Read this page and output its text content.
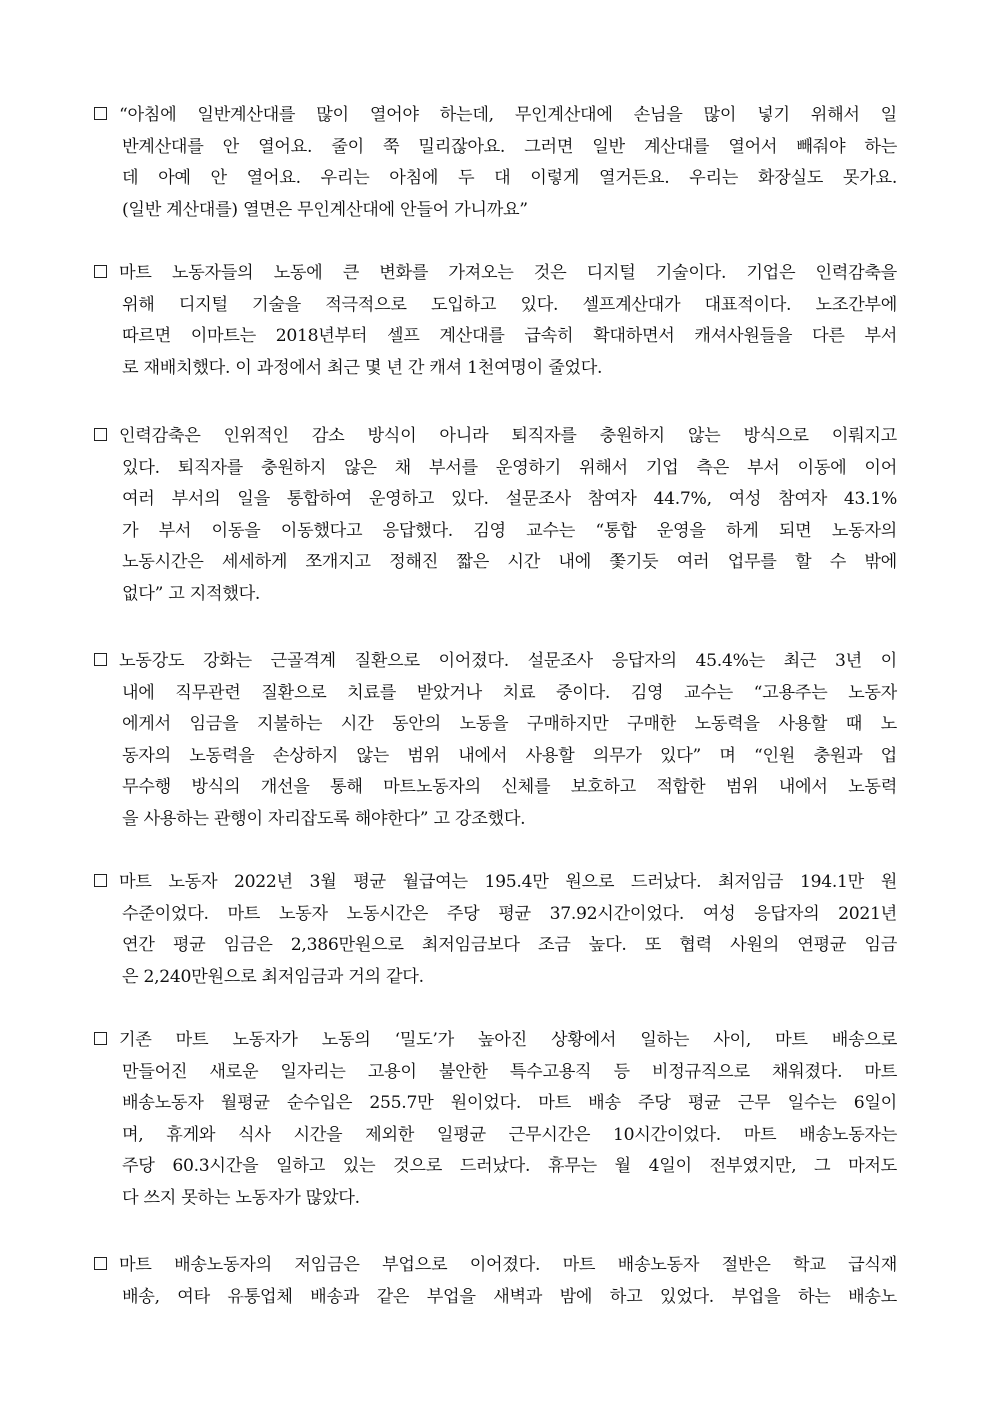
“아침에 일반계산대를 많이 열어야 하는데, 무인계산대에 손님을 많이 넣기 위해서 일
반계산대를 안 열어요. 줄이 쭉 밀리잖아요. 그러면 일반 계산대를 열어서 빼줘야 하는
데 아예 안 열어요. 우리는 아침에 두 대 이렇게 열거든요. 우리는 화장실도 못가요.
(일반 계산대를) 열면은 무인계산대에 안들어 가니까요”
마트 노동자들의 노동에 큰 변화를 가져오는 것은 디지털 기술이다. 기업은 인력감축을
위해 디지털 기술을 적극적으로 도입하고 있다. 셀프계산대가 대표적이다. 노조간부에
따르면 이마트는 2018년부터 셀프 계산대를 급속히 확대하면서 캐셔사원들을 다른 부서
로 재배치했다. 이 과정에서 최근 몇 년 간 캐셔 1천여명이 줄었다.
인력감축은 인위적인 감소 방식이 아니라 퇴직자를 충원하지 않는 방식으로 이뤄지고
있다. 퇴직자를 충원하지 않은 채 부서를 운영하기 위해서 기업 측은 부서 이동에 이어
여러 부서의 일을 통합하여 운영하고 있다. 설문조사 참여자 44.7%, 여성 참여자 43.1%
가 부서 이동을 이동했다고 응답했다. 김영 교수는 “통합 운영을 하게 되면 노동자의
노동시간은 세세하게 쪼개지고 정해진 짧은 시간 내에 쫓기듯 여러 업무를 할 수 밖에
없다” 고 지적했다.
노동강도 강화는 근골격계 질환으로 이어졌다. 설문조사 응답자의 45.4%는 최근 3년 이
내에 직무관련 질환으로 치료를 받았거나 치료 중이다. 김영 교수는 “고용주는 노동자
에게서 임금을 지불하는 시간 동안의 노동을 구매하지만 구매한 노동력을 사용할 때 노
동자의 노동력을 손상하지 않는 범위 내에서 사용할 의무가 있다” 며 “인원 충원과 업
무수행 방식의 개선을 통해 마트노동자의 신체를 보호하고 적합한 범위 내에서 노동력
을 사용하는 관행이 자리잡도록 해야한다” 고 강조했다.
마트 노동자 2022년 3월 평균 월급여는 195.4만 원으로 드러났다. 최저임금 194.1만 원
수준이었다. 마트 노동자 노동시간은 주당 평균 37.92시간이었다. 여성 응답자의 2021년
연간 평균 임금은 2,386만원으로 최저임금보다 조금 높다. 또 협력 사원의 연평균 임금
은 2,240만원으로 최저임금과 거의 같다.
기존 마트 노동자가 노동의 ‘밀도’가 높아진 상황에서 일하는 사이, 마트 배송으로
만들어진 새로운 일자리는 고용이 불안한 특수고용직 등 비정규직으로 채워졌다. 마트
배송노동자 월평균 순수입은 255.7만 원이었다. 마트 배송 주당 평균 근무 일수는 6일이
며, 휴게와 식사 시간을 제외한 일평균 근무시간은 10시간이었다. 마트 배송노동자는
주당 60.3시간을 일하고 있는 것으로 드러났다. 휴무는 월 4일이 전부였지만, 그 마저도
다 쓰지 못하는 노동자가 많았다.
마트 배송노동자의 저임금은 부업으로 이어졌다. 마트 배송노동자 절반은 학교 급식재
배송, 여타 유통업체 배송과 같은 부업을 새벽과 밤에 하고 있었다. 부업을 하는 배송노
